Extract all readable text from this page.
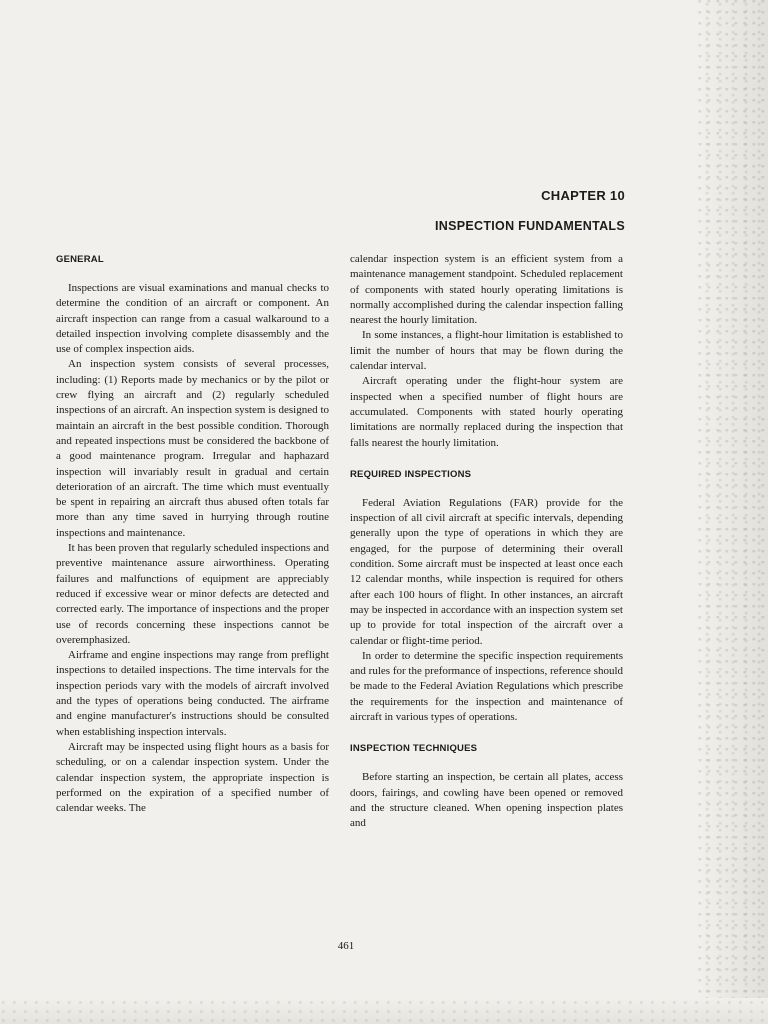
CHAPTER 10
INSPECTION FUNDAMENTALS
GENERAL

Inspections are visual examinations and manual checks to determine the condition of an aircraft or component. An aircraft inspection can range from a casual walkaround to a detailed inspection involving complete disassembly and the use of complex inspection aids.

An inspection system consists of several processes, including: (1) Reports made by mechanics or by the pilot or crew flying an aircraft and (2) regularly scheduled inspections of an aircraft. An inspection system is designed to maintain an aircraft in the best possible condition. Thorough and repeated inspections must be considered the backbone of a good maintenance program. Irregular and haphazard inspection will invariably result in gradual and certain deterioration of an aircraft. The time which must eventually be spent in repairing an aircraft thus abused often totals far more than any time saved in hurrying through routine inspections and maintenance.

It has been proven that regularly scheduled inspections and preventive maintenance assure airworthiness. Operating failures and malfunctions of equipment are appreciably reduced if excessive wear or minor defects are detected and corrected early. The importance of inspections and the proper use of records concerning these inspections cannot be overemphasized.

Airframe and engine inspections may range from preflight inspections to detailed inspections. The time intervals for the inspection periods vary with the models of aircraft involved and the types of operations being conducted. The airframe and engine manufacturer's instructions should be consulted when establishing inspection intervals.

Aircraft may be inspected using flight hours as a basis for scheduling, or on a calendar inspection system. Under the calendar inspection system, the appropriate inspection is performed on the expiration of a specified number of calendar weeks. The

calendar inspection system is an efficient system from a maintenance management standpoint. Scheduled replacement of components with stated hourly operating limitations is normally accomplished during the calendar inspection falling nearest the hourly limitation.

In some instances, a flight-hour limitation is established to limit the number of hours that may be flown during the calendar interval.

Aircraft operating under the flight-hour system are inspected when a specified number of flight hours are accumulated. Components with stated hourly operating limitations are normally replaced during the inspection that falls nearest the hourly limitation.

REQUIRED INSPECTIONS

Federal Aviation Regulations (FAR) provide for the inspection of all civil aircraft at specific intervals, depending generally upon the type of operations in which they are engaged, for the purpose of determining their overall condition. Some aircraft must be inspected at least once each 12 calendar months, while inspection is required for others after each 100 hours of flight. In other instances, an aircraft may be inspected in accordance with an inspection system set up to provide for total inspection of the aircraft over a calendar or flight-time period.

In order to determine the specific inspection requirements and rules for the preformance of inspections, reference should be made to the Federal Aviation Regulations which prescribe the requirements for the inspection and maintenance of aircraft in various types of operations.

INSPECTION TECHNIQUES

Before starting an inspection, be certain all plates, access doors, fairings, and cowling have been opened or removed and the structure cleaned. When opening inspection plates and

461
